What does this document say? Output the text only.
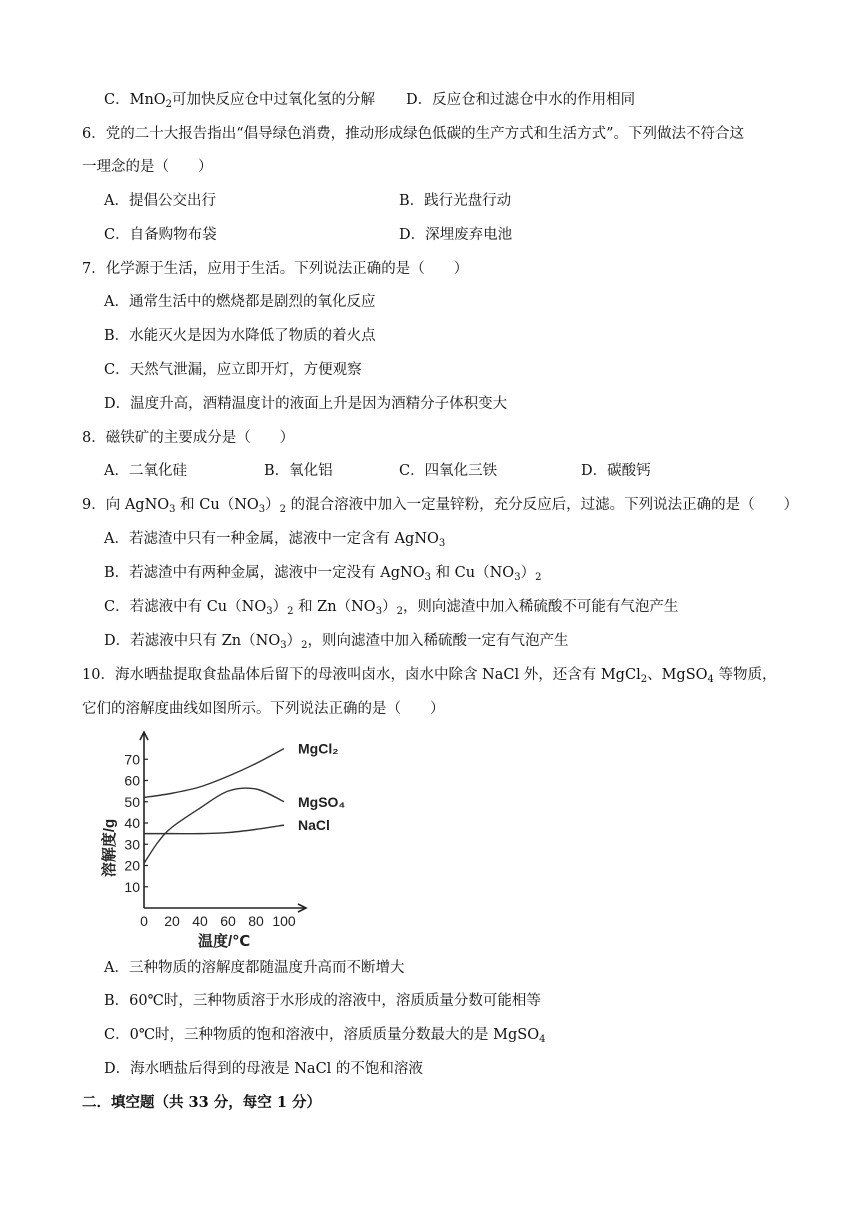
C．MnO$_2$可加快反应仓中过氧化氢的分解 D．反应仓和过滤仓中水的作用相同
6．党的二十大报告指出“倡导绿色消费，推动形成绿色低碳的生产方式和生活方式”。下列做法不符合这
一理念的是（　　）
A．提倡公交出行	B．践行光盘行动
C．自备购物布袋	D．深埋废弃电池
7．化学源于生活，应用于生活。下列说法正确的是（　　）
A．通常生活中的燃烧都是剧烈的氧化反应
B．水能灭火是因为水降低了物质的着火点
C．天然气泄漏，应立即开灯，方便观察
D．温度升高，酒精温度计的液面上升是因为酒精分子体积变大
8．磁铁矿的主要成分是（　　）
A．二氧化硅	B．氧化铝	C．四氧化三铁	D．碳酸钙
9．向 AgNO$_3$ 和 $Cu(NO_3)_2$ 的混合溶液中加入一定量锌粉，充分反应后，过滤。下列说法正确的是（　　）
A．若滤渣中只有一种金属，滤液中一定含有 AgNO$_3$
B．若滤渣中有两种金属，滤液中一定没有 AgNO$_3$ 和 $Cu(NO_3)_2$
C．若滤液中有 $Cu(NO_3)_2$ 和 $Zn(NO_3)_2$，则向滤渣中加入稀硫酸不可能有气泡产生
D．若滤液中只有 $Zn(NO_3)_2$，则向滤渣中加入稀硫酸一定有气泡产生
10．海水晒盐提取食盐晶体后留下的母液叫卤水，卤水中除含 NaCl 外，还含有 MgCl$_2$、MgSO$_4$ 等物质，
它们的溶解度曲线如图所示。下列说法正确的是（　　）
10
20
30
40
50
60
70
0 20 40 60 80 100
MgCl₂
MgSO₄
NaCl
溶解度/g
温度/℃
A．三种物质的溶解度都随温度升高而不断增大
B．60℃时，三种物质溶于水形成的溶液中，溶质质量分数可能相等
C．0℃时，三种物质的饱和溶液中，溶质质量分数最大的是 MgSO$_4$
D．海水晒盐后得到的母液是 NaCl 的不饱和溶液
二．填空题（共 33 分，每空 1 分）
